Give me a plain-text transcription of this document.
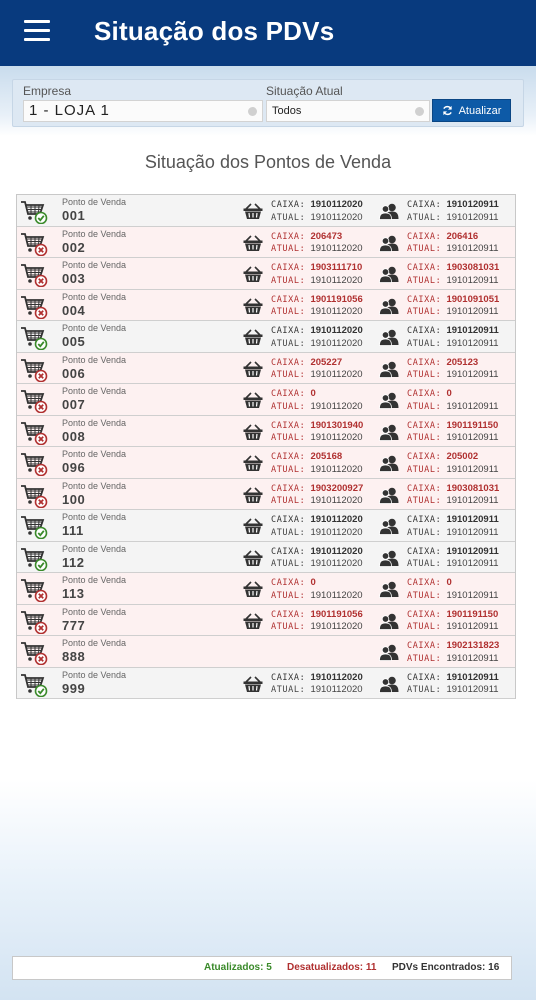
Situação dos PDVs
Empresa
1 - LOJA 1
Situação Atual
Todos	Atualizar
Situação dos Pontos de Venda
Ponto de Venda
001
CAIXA: 1910112020
ATUAL: 1910112020
CAIXA: 1910120911
ATUAL: 1910120911
Ponto de Venda
002
CAIXA: 206473
ATUAL: 1910112020
CAIXA: 206416
ATUAL: 1910120911
Ponto de Venda
003
CAIXA: 1903111710
ATUAL: 1910112020
CAIXA: 1903081031
ATUAL: 1910120911
Ponto de Venda
004
CAIXA: 1901191056
ATUAL: 1910112020
CAIXA: 1901091051
ATUAL: 1910120911
Ponto de Venda
005
CAIXA: 1910112020
ATUAL: 1910112020
CAIXA: 1910120911
ATUAL: 1910120911
Ponto de Venda
006
CAIXA: 205227
ATUAL: 1910112020
CAIXA: 205123
ATUAL: 1910120911
Ponto de Venda
007
CAIXA: 0
ATUAL: 1910112020
CAIXA: 0
ATUAL: 1910120911
Ponto de Venda
008
CAIXA: 1901301940
ATUAL: 1910112020
CAIXA: 1901191150
ATUAL: 1910120911
Ponto de Venda
096
CAIXA: 205168
ATUAL: 1910112020
CAIXA: 205002
ATUAL: 1910120911
Ponto de Venda
100
CAIXA: 1903200927
ATUAL: 1910112020
CAIXA: 1903081031
ATUAL: 1910120911
Ponto de Venda
111
CAIXA: 1910112020
ATUAL: 1910112020
CAIXA: 1910120911
ATUAL: 1910120911
Ponto de Venda
112
CAIXA: 1910112020
ATUAL: 1910112020
CAIXA: 1910120911
ATUAL: 1910120911
Ponto de Venda
113
CAIXA: 0
ATUAL: 1910112020
CAIXA: 0
ATUAL: 1910120911
Ponto de Venda
777
CAIXA: 1901191056
ATUAL: 1910112020
CAIXA: 1901191150
ATUAL: 1910120911
Ponto de Venda
888
CAIXA: 1902131823
ATUAL: 1910120911
Ponto de Venda
999
CAIXA: 1910112020
ATUAL: 1910112020
CAIXA: 1910120911
ATUAL: 1910120911
Atualizados: 5 Desatualizados: 11 PDVs Encontrados: 16
